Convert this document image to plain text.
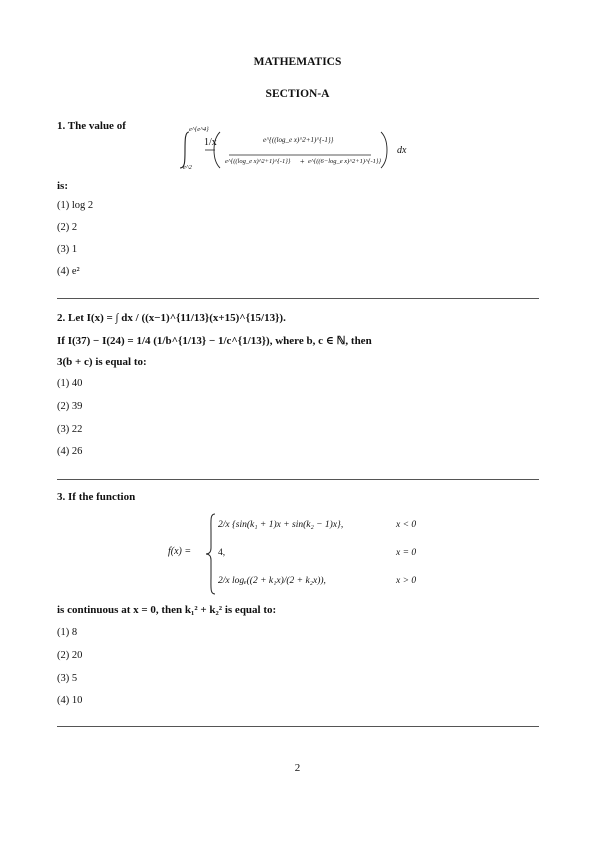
MATHEMATICS
SECTION-A
1. The value of	e^{e^4}
e^2
1/x	e^{((log_e x)^2+1)^{-1}}
e^{((log_e x)^2+1)^{-1}} + e^{((6−log_e x)^2+1)^{-1}}
dx
is:
(1) log 2
(2) 2
(3) 1
(4) e²
2. Let I(x) = ∫ dx / ((x−1)^{11/13}(x+15)^{15/13}).
If I(37) − I(24) = 1/4 (1/b^{1/13} − 1/c^{1/13}), where b, c ∈ ℕ, then
3(b + c) is equal to:
(1) 40
(2) 39
(3) 22
(4) 26
3. If the function
f(x) =
2/x {sin(k₁ + 1)x + sin(k₂ − 1)x},	x < 0
4,	x = 0
2/x logₑ((2 + k₁x)/(2 + k₂x)),	x > 0
is continuous at x = 0, then k₁² + k₂² is equal to:
(1) 8
(2) 20
(3) 5
(4) 10
2
